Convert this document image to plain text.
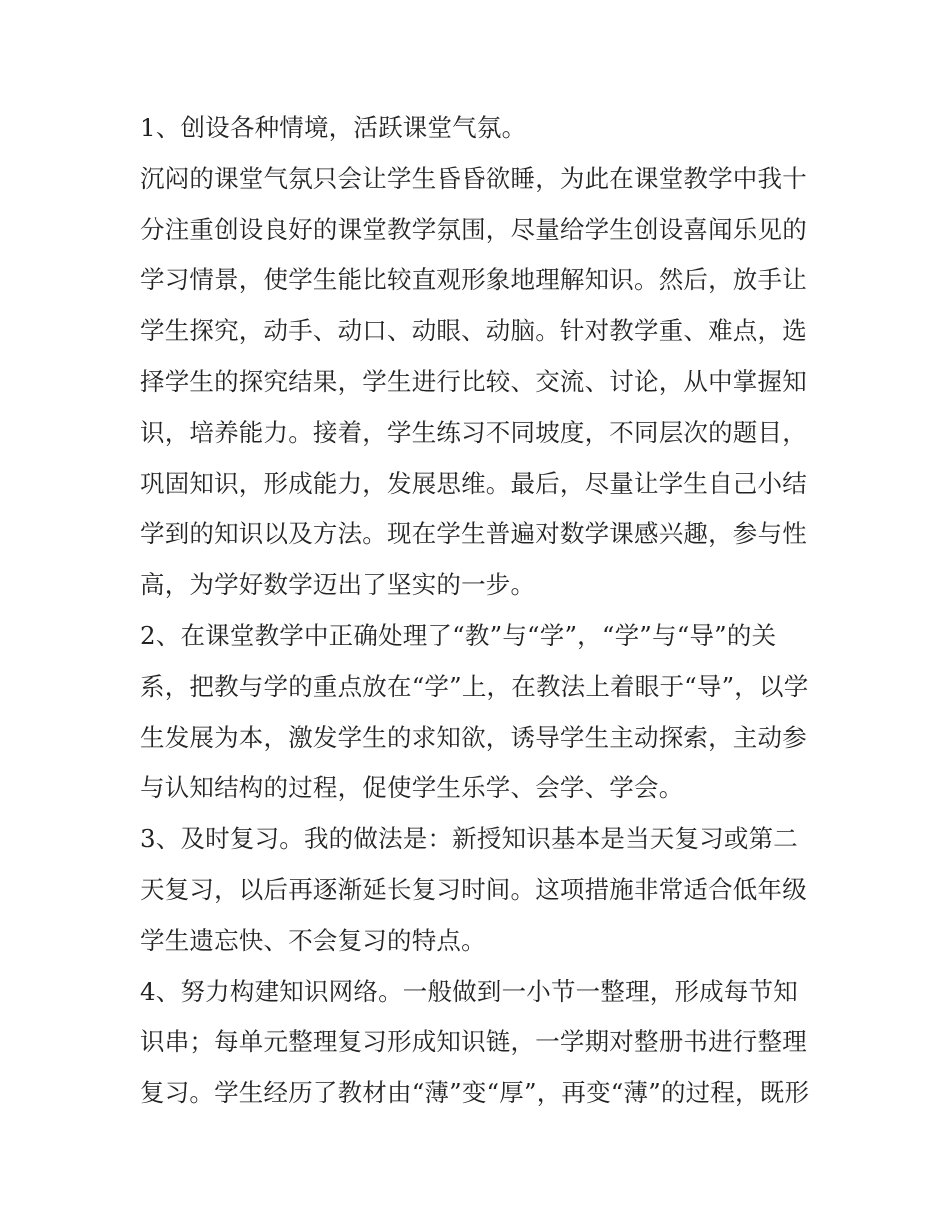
1、创设各种情境，活跃课堂气氛。
沉闷的课堂气氛只会让学生昏昏欲睡，为此在课堂教学中我十
分注重创设良好的课堂教学氛围，尽量给学生创设喜闻乐见的
学习情景，使学生能比较直观形象地理解知识。然后，放手让
学生探究，动手、动口、动眼、动脑。针对教学重、难点，选
择学生的探究结果，学生进行比较、交流、讨论，从中掌握知
识，培养能力。接着，学生练习不同坡度，不同层次的题目，
巩固知识，形成能力，发展思维。最后，尽量让学生自己小结
学到的知识以及方法。现在学生普遍对数学课感兴趣，参与性
高，为学好数学迈出了坚实的一步。
2、在课堂教学中正确处理了“教”与“学”，“学”与“导”的关
系，把教与学的重点放在“学”上，在教法上着眼于“导”，以学
生发展为本，激发学生的求知欲，诱导学生主动探索，主动参
与认知结构的过程，促使学生乐学、会学、学会。
3、及时复习。我的做法是：新授知识基本是当天复习或第二
天复习，以后再逐渐延长复习时间。这项措施非常适合低年级
学生遗忘快、不会复习的特点。
4、努力构建知识网络。一般做到一小节一整理，形成每节知
识串；每单元整理复习形成知识链，一学期对整册书进行整理
复习。学生经历了教材由“薄”变“厚”，再变“薄”的过程，既形
